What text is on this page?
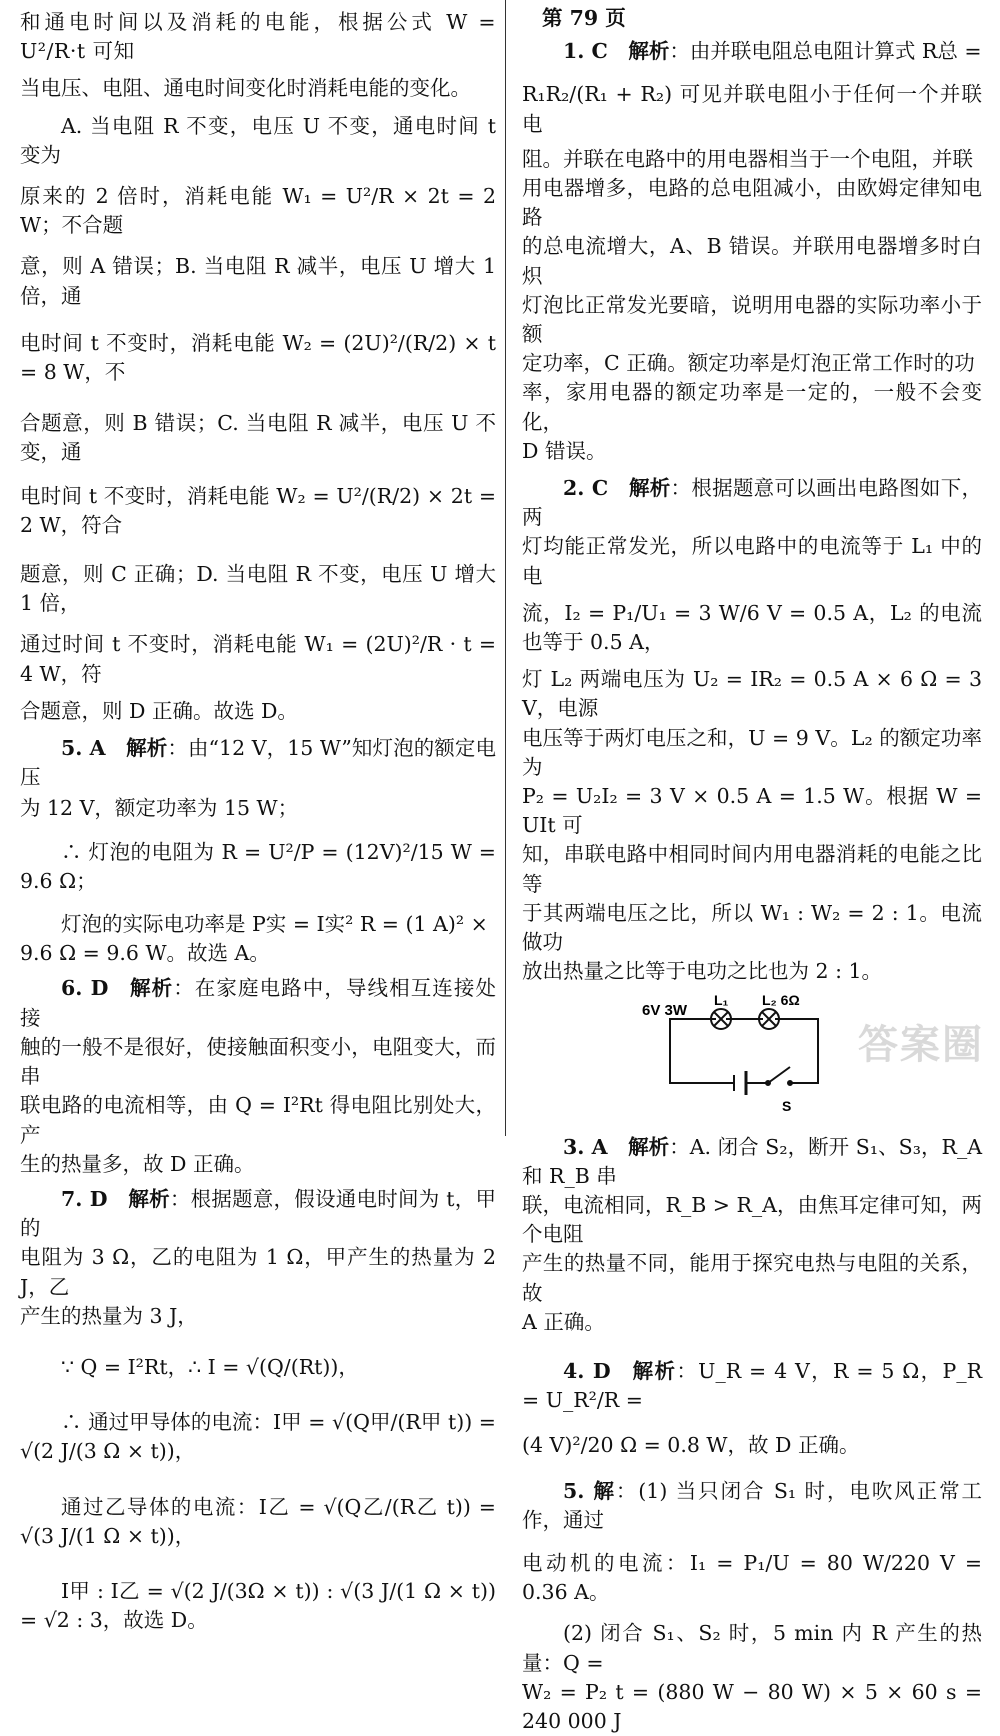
和通电时间以及消耗的电能，根据公式 W = U²/R·t 可知

当电压、电阻、通电时间变化时消耗电能的变化。

A. 当电阻 R 不变，电压 U 不变，通电时间 t 变为

原来的 2 倍时，消耗电能 W₁ = U²/R × 2t = 2 W；不合题

意，则 A 错误；B. 当电阻 R 减半，电压 U 增大 1 倍，通

电时间 t 不变时，消耗电能 W₂ = (2U)²/(R/2) × t = 8 W，不

合题意，则 B 错误；C. 当电阻 R 减半，电压 U 不变，通

电时间 t 不变时，消耗电能 W₂ = U²/(R/2) × 2t = 2 W，符合

题意，则 C 正确；D. 当电阻 R 不变，电压 U 增大 1 倍，

通过时间 t 不变时，消耗电能 W₁ = (2U)²/R · t = 4 W，符

合题意，则 D 正确。故选 D。

5. A 解析：由“12 V，15 W”知灯泡的额定电压

为 12 V，额定功率为 15 W；

∴ 灯泡的电阻为 R = U²/P = (12V)²/15 W = 9.6 Ω；

灯泡的实际电功率是 P实 = I实² R = (1 A)² ×

9.6 Ω = 9.6 W。故选 A。

6. D 解析：在家庭电路中，导线相互连接处接

触的一般不是很好，使接触面积变小，电阻变大，而串

联电路的电流相等，由 Q = I²Rt 得电阻比别处大，产

生的热量多，故 D 正确。

7. D 解析：根据题意，假设通电时间为 t，甲的

电阻为 3 Ω，乙的电阻为 1 Ω，甲产生的热量为 2 J，乙

产生的热量为 3 J，

∵ Q = I²Rt，∴ I = √(Q/(Rt))，

∴ 通过甲导体的电流：I甲 = √(Q甲/(R甲 t)) = √(2 J/(3 Ω × t))，

通过乙导体的电流：I乙 = √(Q乙/(R乙 t)) = √(3 J/(1 Ω × t))，

I甲 : I乙 = √(2 J/(3Ω × t)) : √(3 J/(1 Ω × t)) = √2 : 3，故选 D。

第 79 页

1. C 解析：由并联电阻总电阻计算式 R总 =

R₁R₂/(R₁ + R₂) 可见并联电阻小于任何一个并联电

阻。并联在电路中的用电器相当于一个电阻，并联

用电器增多，电路的总电阻减小，由欧姆定律知电路

的总电流增大，A、B 错误。并联用电器增多时白炽

灯泡比正常发光要暗，说明用电器的实际功率小于额

定功率，C 正确。额定功率是灯泡正常工作时的功

率，家用电器的额定功率是一定的，一般不会变化，

D 错误。

2. C 解析：根据题意可以画出电路图如下，两

灯均能正常发光，所以电路中的电流等于 L₁ 中的电

流，I₂ = P₁/U₁ = 3 W/6 V = 0.5 A，L₂ 的电流也等于 0.5 A，

灯 L₂ 两端电压为 U₂ = IR₂ = 0.5 A × 6 Ω = 3 V，电源

电压等于两灯电压之和，U = 9 V。L₂ 的额定功率为

P₂ = U₂I₂ = 3 V × 0.5 A = 1.5 W。根据 W = UIt 可

知，串联电路中相同时间内用电器消耗的电能之比等

于其两端电压之比，所以 W₁ : W₂ = 2 : 1。电流做功

放出热量之比等于电功之比也为 2 : 1。

6V 3W
L₁ L₂ 6Ω
S

3. A 解析：A. 闭合 S₂，断开 S₁、S₃，R_A 和 R_B 串

联，电流相同，R_B > R_A，由焦耳定律可知，两个电阻

产生的热量不同，能用于探究电热与电阻的关系，故

A 正确。

4. D 解析：U_R = 4 V，R = 5 Ω，P_R = U_R²/R =

(4 V)²/20 Ω = 0.8 W，故 D 正确。

5. 解：(1) 当只闭合 S₁ 时，电吹风正常工作，通过

电动机的电流：I₁ = P₁/U = 80 W/220 V = 0.36 A。

(2) 闭合 S₁、S₂ 时，5 min 内 R 产生的热量：Q =

W₂ = P₂ t = (880 W − 80 W) × 5 × 60 s = 240 000 J

答案圈
